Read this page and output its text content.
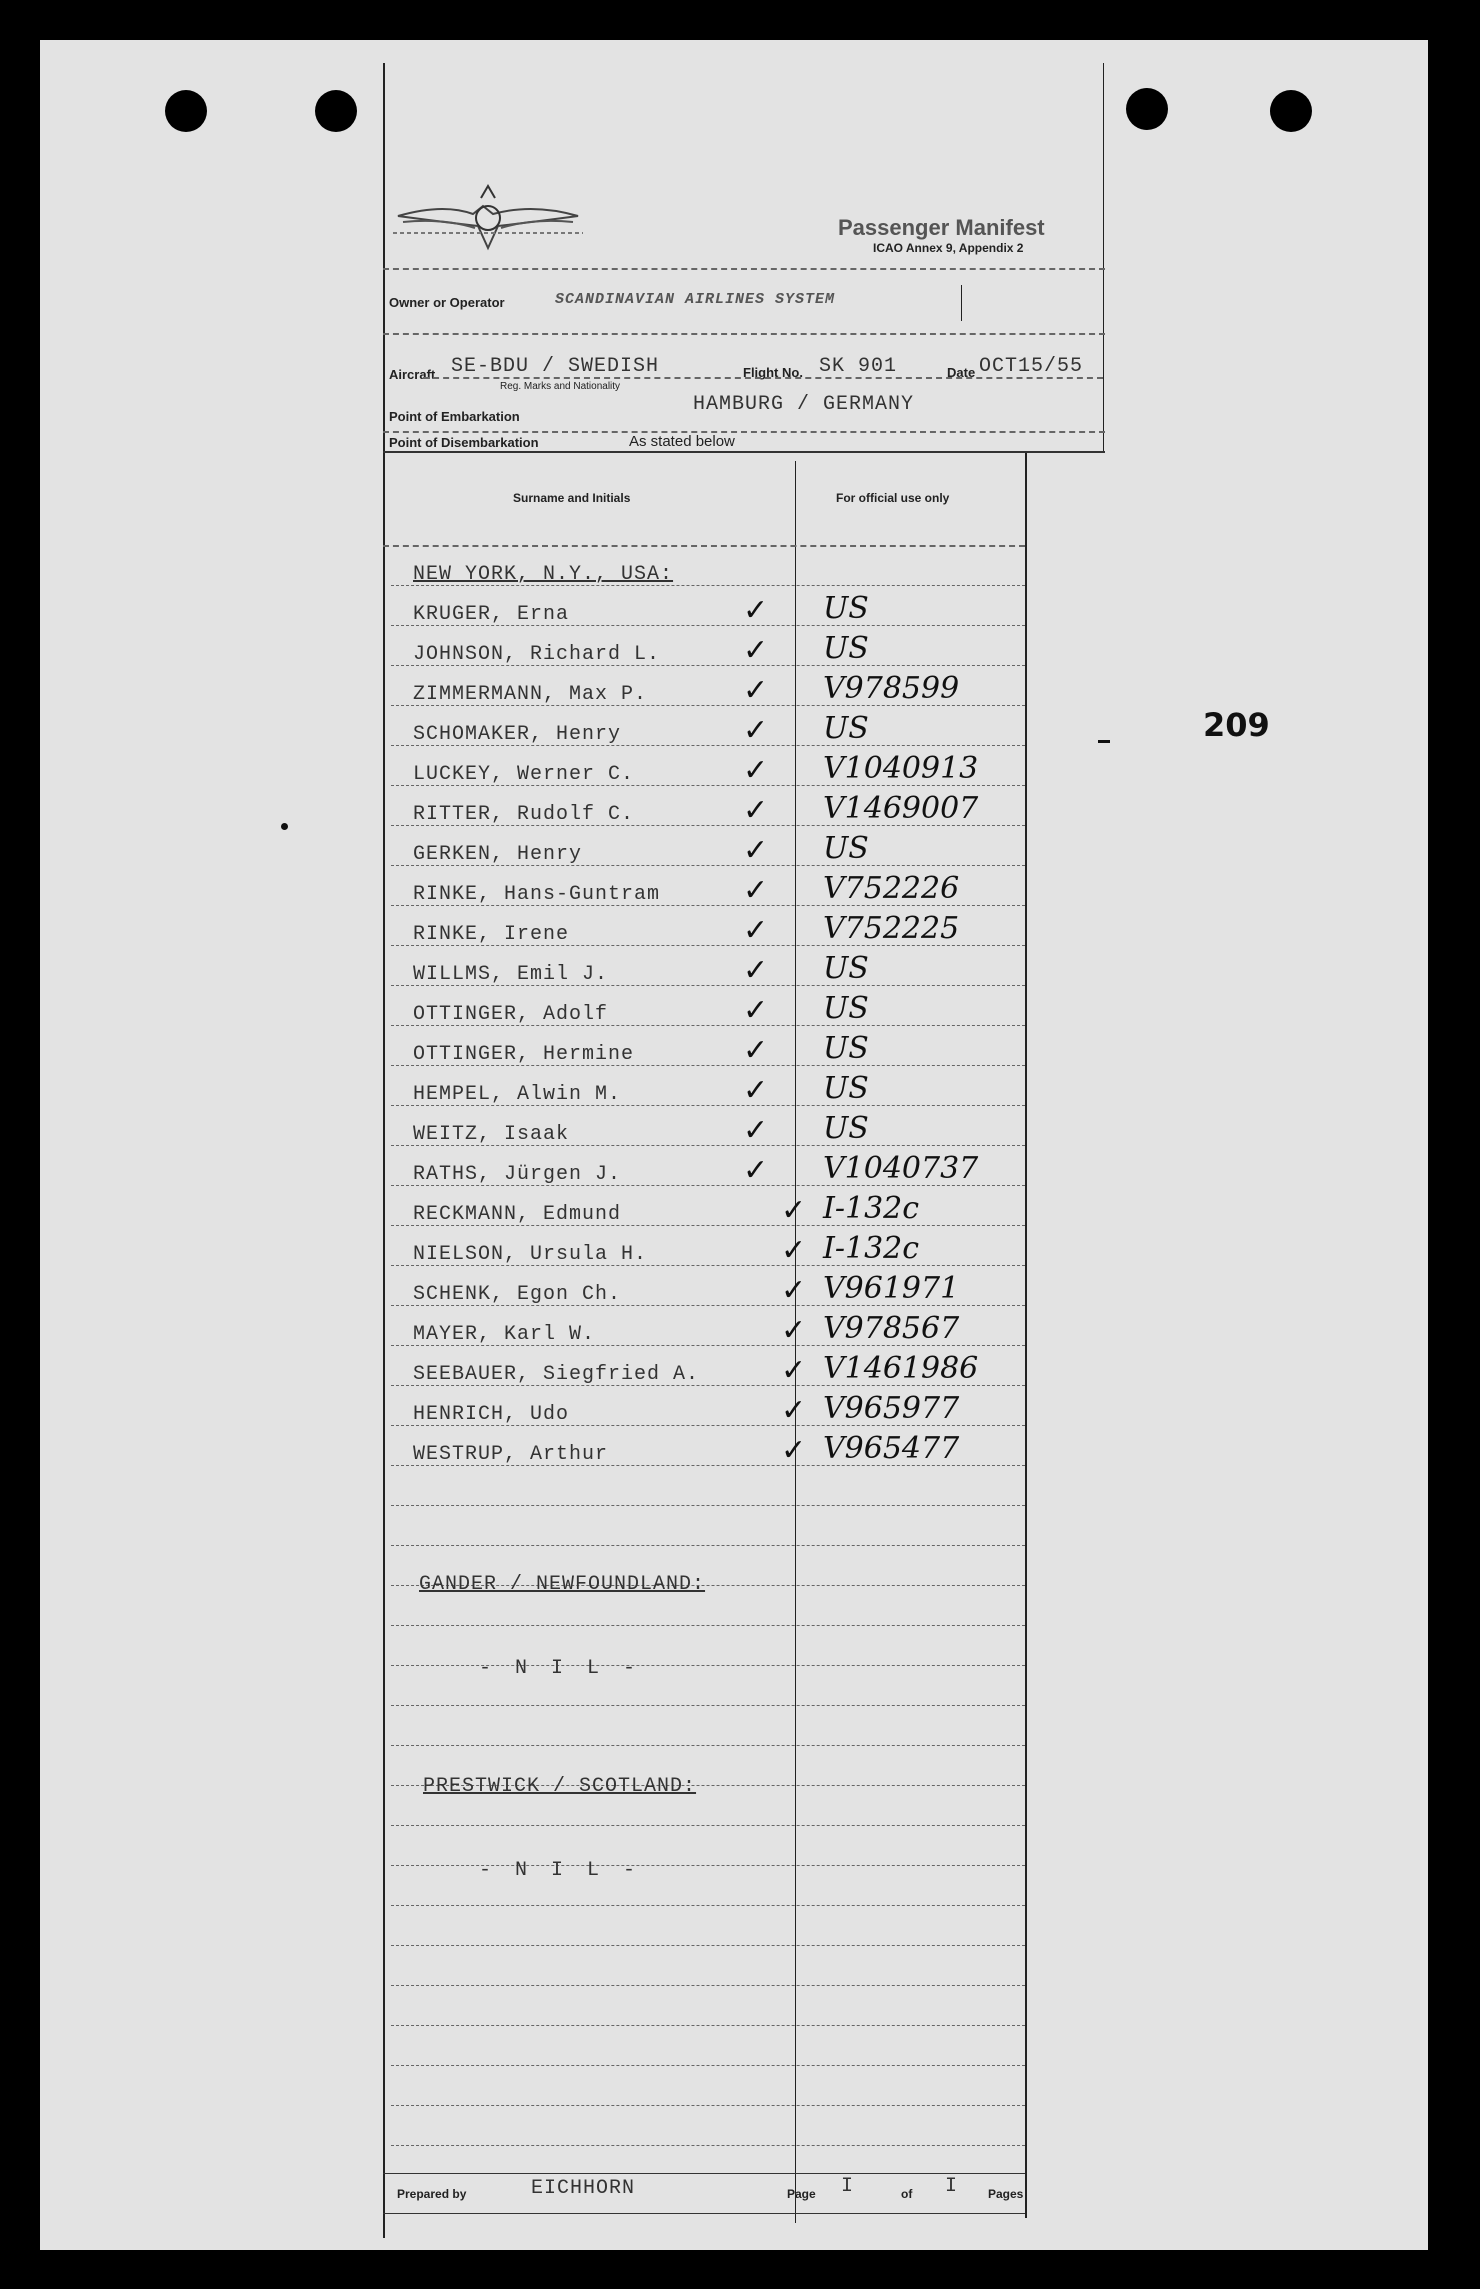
209
Passenger Manifest
ICAO Annex 9, Appendix 2
Owner or Operator	SCANDINAVIAN AIRLINES SYSTEM
Aircraft SE-BDU / SWEDISH
Reg. Marks and Nationality
Flight No. SK 901	Date OCT15/55
Point of Embarkation
HAMBURG / GERMANY
Point of Disembarkation	As stated below
Surname and Initials	For official use only
NEW YORK, N.Y., USA:
KRUGER, Erna	✓ US
JOHNSON, Richard L.	✓ US
ZIMMERMANN, Max P.	✓ V978599
SCHOMAKER, Henry	✓ US
LUCKEY, Werner C.	✓ V1040913
RITTER, Rudolf C.	✓ V1469007
GERKEN, Henry	✓ US
RINKE, Hans-Guntram	✓ V752226
RINKE, Irene	✓ V752225
WILLMS, Emil J.	✓ US
OTTINGER, Adolf	✓ US
OTTINGER, Hermine	✓ US
HEMPEL, Alwin M.	✓ US
WEITZ, Isaak	✓ US
RATHS, Jürgen J.	✓ V1040737
RECKMANN, Edmund	✓ I-132c
NIELSON, Ursula H.	✓ I-132c
SCHENK, Egon Ch.	✓ V961971
MAYER, Karl W.	✓ V978567
SEEBAUER, Siegfried A.	✓ V1461986
HENRICH, Udo	✓ V965977
WESTRUP, Arthur	✓ V965477
GANDER / NEWFOUNDLAND:
- N I L -
PRESTWICK / SCOTLAND:
- N I L -
Prepared by	EICHHORN	Page I	of I Pages
